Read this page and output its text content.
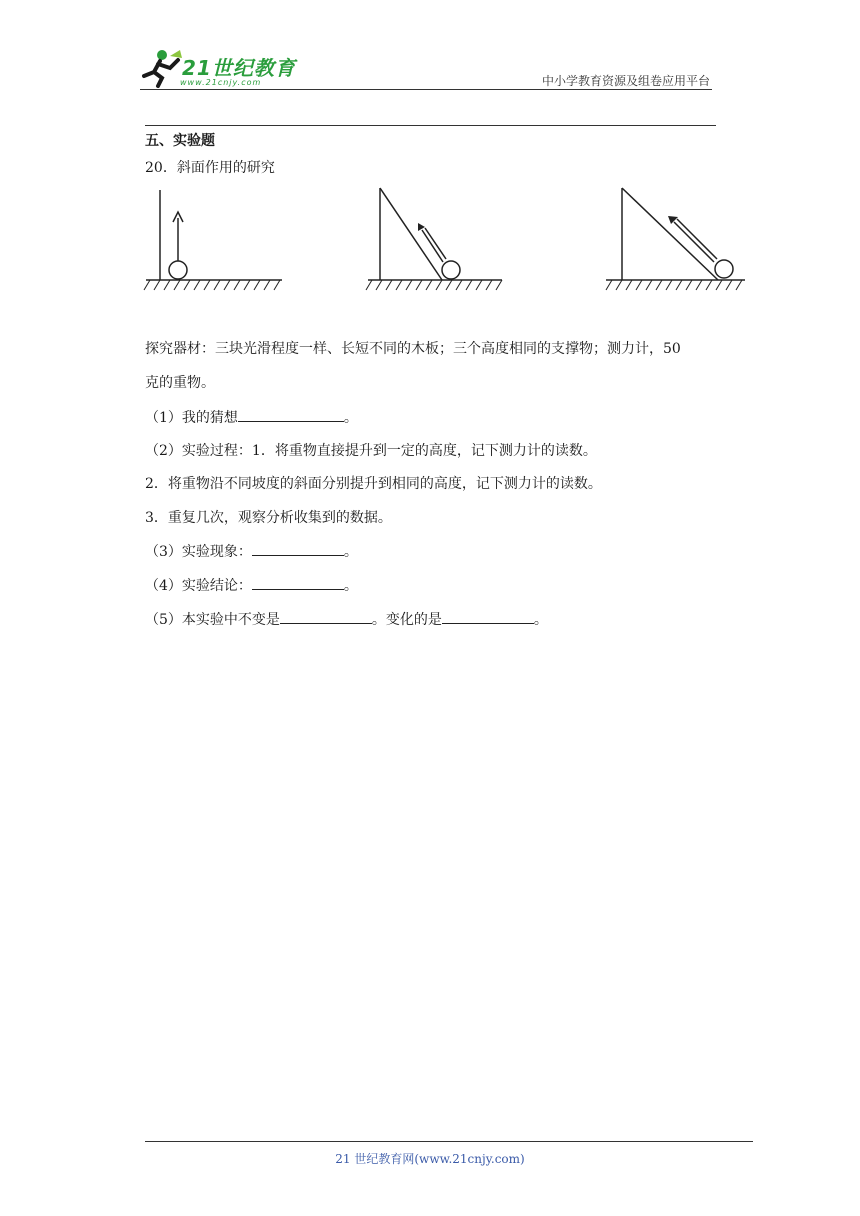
21世纪教育
www.21cnjy.com	中小学教育资源及组卷应用平台
五、实验题
20．斜面作用的研究
探究器材：三块光滑程度一样、长短不同的木板；三个高度相同的支撑物；测力计，50
克的重物。
（1）我的猜想	。
（2）实验过程：1．将重物直接提升到一定的高度，记下测力计的读数。
2．将重物沿不同坡度的斜面分别提升到相同的高度，记下测力计的读数。
3．重复几次，观察分析收集到的数据。
（3）实验现象：	。
（4）实验结论：	。
（5）本实验中不变是	。变化的是	。
21 世纪教育网(www.21cnjy.com)
